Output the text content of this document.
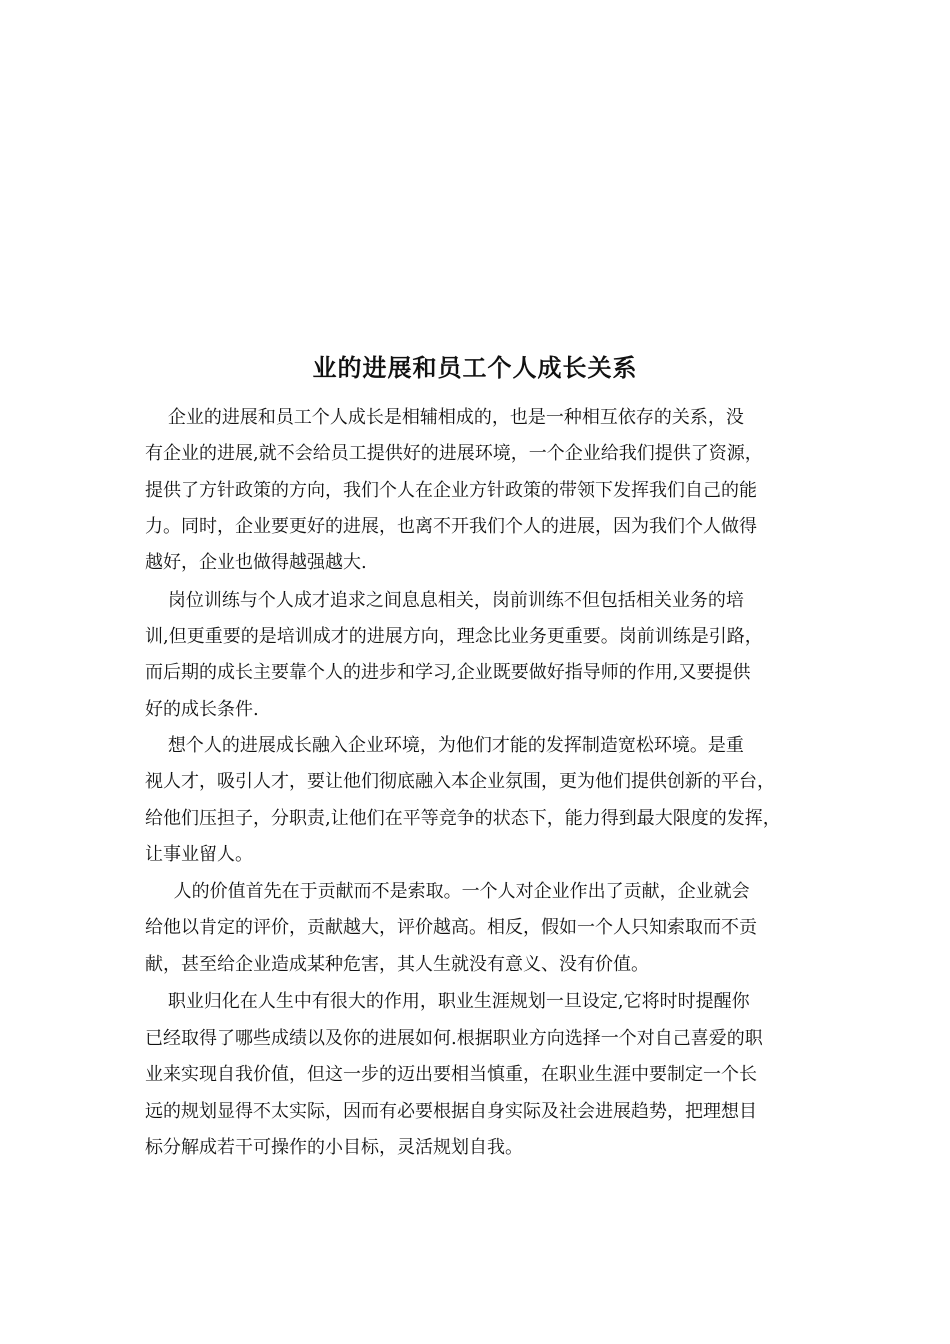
业的进展和员工个人成长关系
企业的进展和员工个人成长是相辅相成的，也是一种相互依存的关系，没
有企业的进展,就不会给员工提供好的进展环境，一个企业给我们提供了资源，
提供了方针政策的方向，我们个人在企业方针政策的带领下发挥我们自己的能
力。同时，企业要更好的进展，也离不开我们个人的进展，因为我们个人做得
越好，企业也做得越强越大.
岗位训练与个人成才追求之间息息相关，岗前训练不但包括相关业务的培
训,但更重要的是培训成才的进展方向，理念比业务更重要。岗前训练是引路，
而后期的成长主要靠个人的进步和学习,企业既要做好指导师的作用,又要提供
好的成长条件.
想个人的进展成长融入企业环境，为他们才能的发挥制造宽松环境。是重
视人才，吸引人才，要让他们彻底融入本企业氛围，更为他们提供创新的平台，
给他们压担子，分职责,让他们在平等竞争的状态下，能力得到最大限度的发挥，
让事业留人。
人的价值首先在于贡献而不是索取。一个人对企业作出了贡献，企业就会
给他以肯定的评价，贡献越大，评价越高。相反，假如一个人只知索取而不贡
献，甚至给企业造成某种危害，其人生就没有意义、没有价值。
职业归化在人生中有很大的作用，职业生涯规划一旦设定,它将时时提醒你
已经取得了哪些成绩以及你的进展如何.根据职业方向选择一个对自己喜爱的职
业来实现自我价值，但这一步的迈出要相当慎重，在职业生涯中要制定一个长
远的规划显得不太实际，因而有必要根据自身实际及社会进展趋势，把理想目
标分解成若干可操作的小目标，灵活规划自我。
